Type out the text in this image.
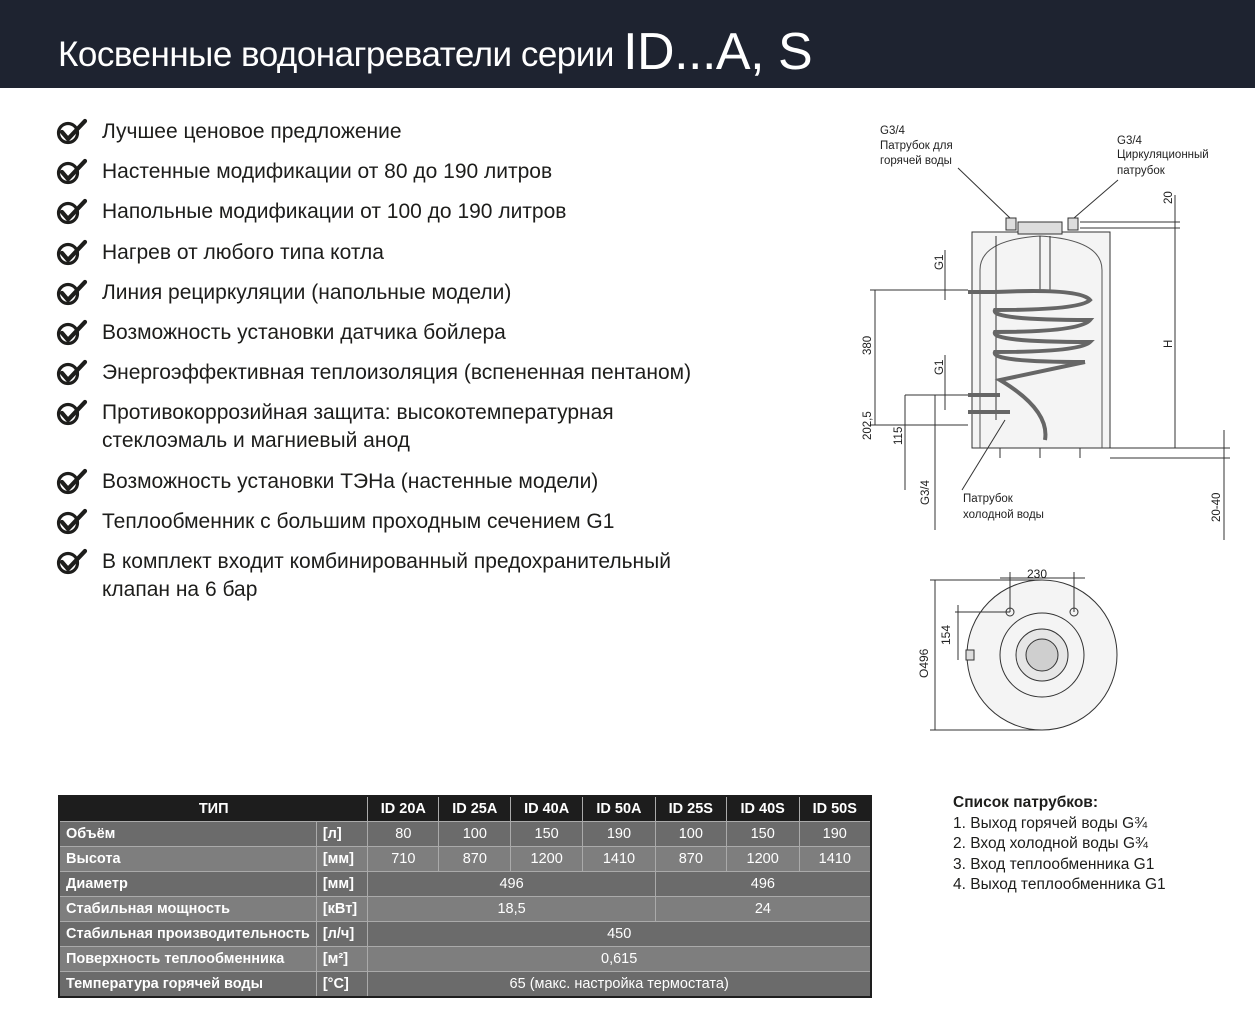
Косвенные водонагреватели серии ID...A, S
Лучшее ценовое предложение
Настенные модификации от 80 до 190 литров
Напольные модификации от 100 до 190 литров
Нагрев от любого типа котла
Линия рециркуляции (напольные модели)
Возможность установки датчика бойлера
Энергоэффективная теплоизоляция (вспененная пентаном)
Противокоррозийная защита: высокотемпературная стеклоэмаль и магниевый анод
Возможность установки ТЭНа (настенные модели)
Теплообменник с большим проходным сечением G1
В комплект входит комбинированный предохранительный клапан на 6 бар
G3/4
Патрубок для
горячей воды
G3/4
Циркуляционный
патрубок
Патрубок
холодной воды
20
G1
G1
380	H
202,5 115
G3/4
20-40
230
154
O496
Список патрубков:
1. Выход горячей воды G¾
2. Вход холодной воды G¾
3. Вход теплообменника G1
4. Выход теплообменника G1
ТИП		ID 20A	ID 25A	ID 40A	ID 50A	ID 25S	ID 40S	ID 50S
Объём	[л]	80	100	150	190	100	150	190
Высота	[мм]	710	870	1200	1410	870	1200	1410
Диаметр	[мм]	496				496		
Стабильная мощность	[кВт]	18,5				24		
Стабильная производительность	[л/ч]	450						
Поверхность теплообменника	[м²]	0,615						
Температура горячей воды	[°С]	65 (макс. настройка термостата)						
